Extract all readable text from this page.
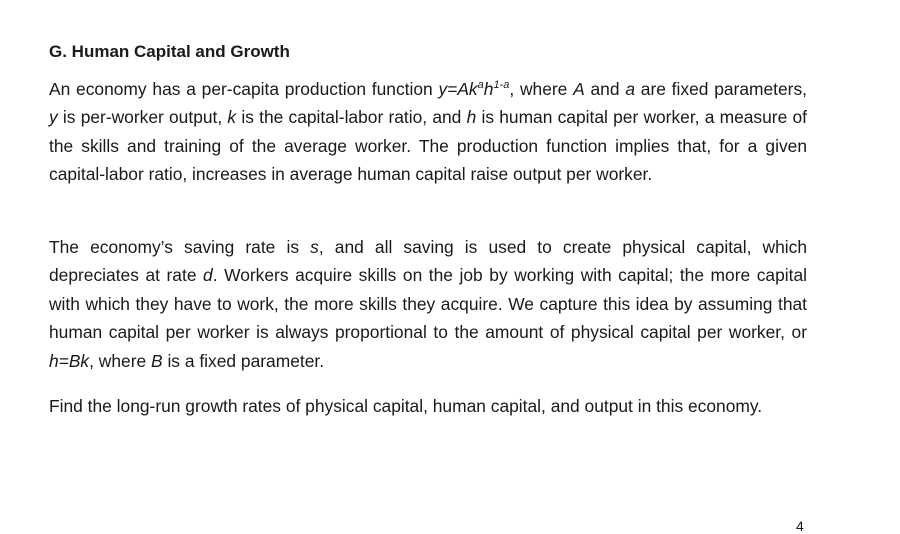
G. Human Capital and Growth

An economy has a per-capita production function $y=Ak^ah^{1-a}$, where A and a are fixed parameters, y is per-worker output, k is the capital-labor ratio, and h is human capital per worker, a measure of the skills and training of the average worker. The production function implies that, for a given capital-labor ratio, increases in average human capital raise output per worker.

The economy’s saving rate is s, and all saving is used to create physical capital, which depreciates at rate d. Workers acquire skills on the job by working with capital; the more capital with which they have to work, the more skills they acquire. We capture this idea by assuming that human capital per worker is always proportional to the amount of physical capital per worker, or h=Bk, where B is a fixed parameter.

Find the long-run growth rates of physical capital, human capital, and output in this economy.

4
